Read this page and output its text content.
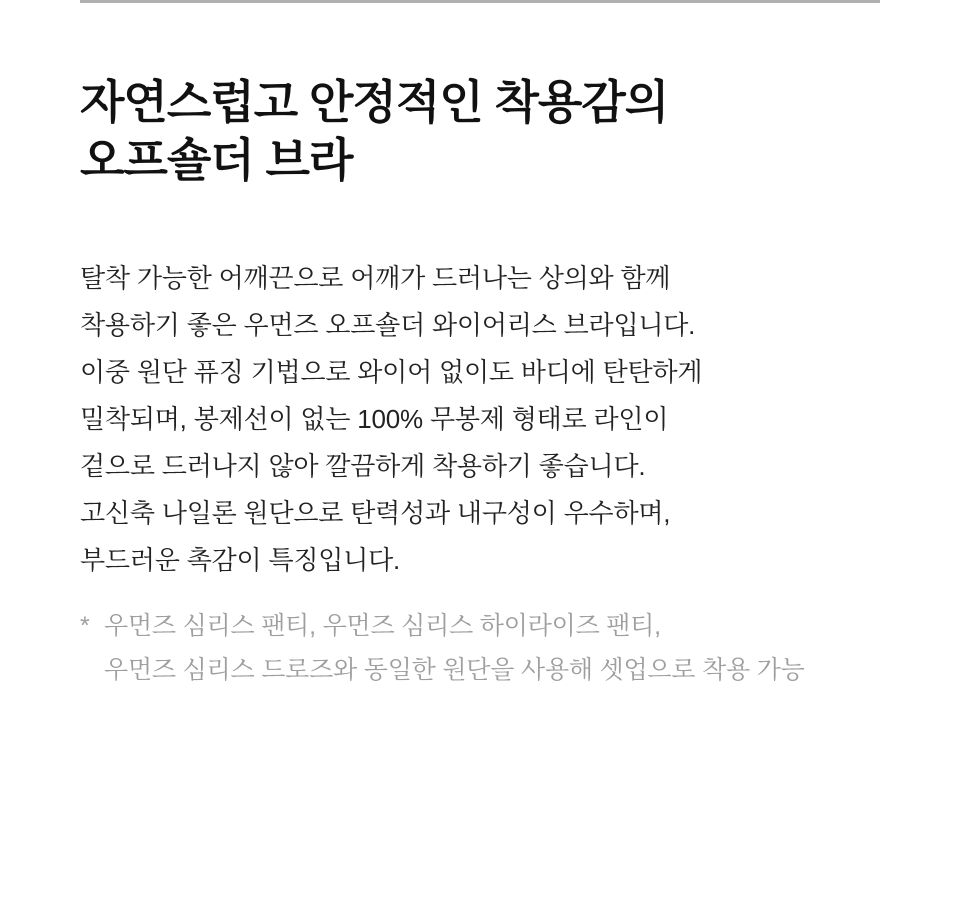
자연스럽고 안정적인 착용감의
오프숄더 브라

탈착 가능한 어깨끈으로 어깨가 드러나는 상의와 함께
착용하기 좋은 우먼즈 오프숄더 와이어리스 브라입니다.
이중 원단 퓨징 기법으로 와이어 없이도 바디에 탄탄하게
밀착되며, 봉제선이 없는 100% 무봉제 형태로 라인이
겉으로 드러나지 않아 깔끔하게 착용하기 좋습니다.
고신축 나일론 원단으로 탄력성과 내구성이 우수하며,
부드러운 촉감이 특징입니다.

* 우먼즈 심리스 팬티, 우먼즈 심리스 하이라이즈 팬티,
우먼즈 심리스 드로즈와 동일한 원단을 사용해 셋업으로 착용 가능
